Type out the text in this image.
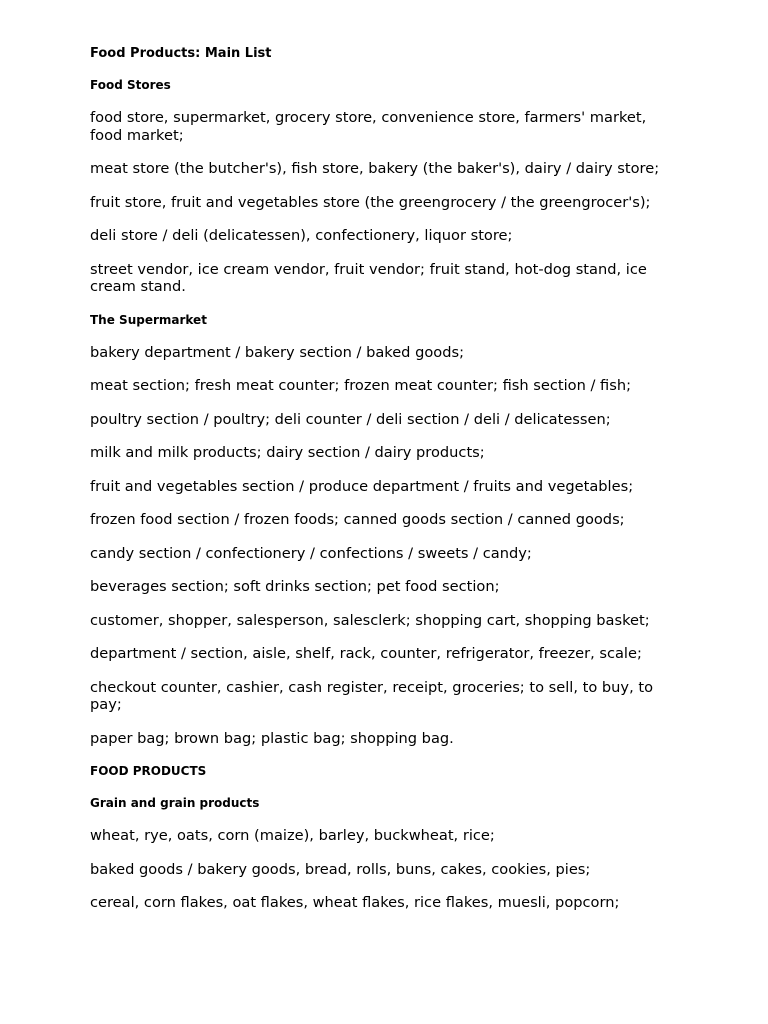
Food Products: Main List
Food Stores

food store, supermarket, grocery store, convenience store, farmers' market, food market;

meat store (the butcher's), fish store, bakery (the baker's), dairy / dairy store;

fruit store, fruit and vegetables store (the greengrocery / the greengrocer's);

deli store / deli (delicatessen), confectionery, liquor store;

street vendor, ice cream vendor, fruit vendor; fruit stand, hot-dog stand, ice cream stand.

The Supermarket

bakery department / bakery section / baked goods;

meat section; fresh meat counter; frozen meat counter; fish section / fish;

poultry section / poultry; deli counter / deli section / deli / delicatessen;

milk and milk products; dairy section / dairy products;

fruit and vegetables section / produce department / fruits and vegetables;

frozen food section / frozen foods; canned goods section / canned goods;

candy section / confectionery / confections / sweets / candy;

beverages section; soft drinks section; pet food section;

customer, shopper, salesperson, salesclerk; shopping cart, shopping basket;

department / section, aisle, shelf, rack, counter, refrigerator, freezer, scale;

checkout counter, cashier, cash register, receipt, groceries; to sell, to buy, to pay;

paper bag; brown bag; plastic bag; shopping bag.

FOOD PRODUCTS
Grain and grain products

wheat, rye, oats, corn (maize), barley, buckwheat, rice;

baked goods / bakery goods, bread, rolls, buns, cakes, cookies, pies;

cereal, corn flakes, oat flakes, wheat flakes, rice flakes, muesli, popcorn;
